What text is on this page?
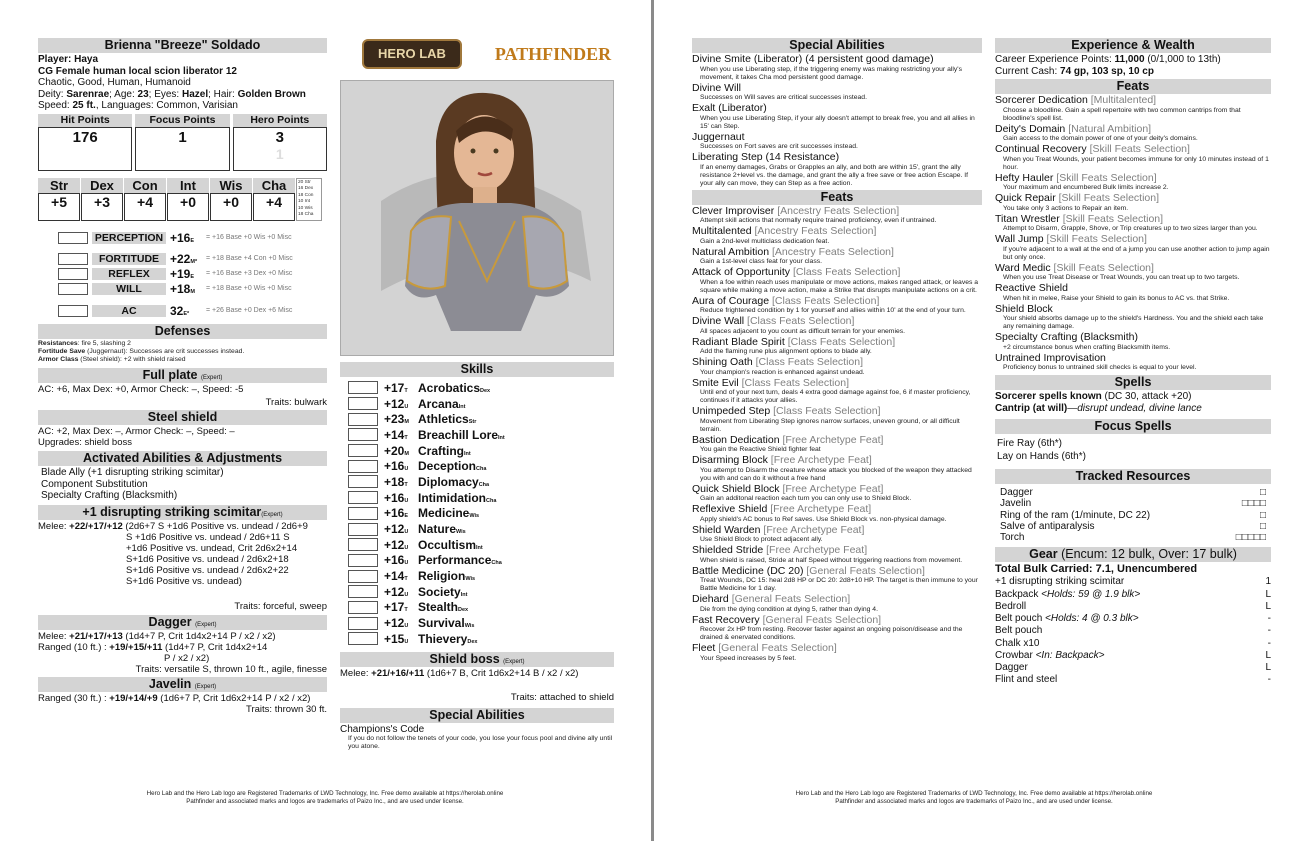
Brienna "Breeze" Soldado
Player: Haya
CG Female human local scion liberator 12
Chaotic, Good, Human, Humanoid
Deity: Sarenrae; Age: 23; Eyes: Hazel; Hair: Golden Brown
Speed: 25 ft., Languages: Common, Varisian
Hit Points
176
Focus Points
1
Hero Points
3
1
Str
+5
Dex
+3
Con
+4
Int
+0
Wis
+0
Cha
+4
20 Str
16 Dex
18 Con
10 Int
10 Wis
18 Cha
PERCEPTION +16E	= +16 Base +0 Wis +0 Misc
FORTITUDE +22M*	= +18 Base +4 Con +0 Misc
REFLEX	+19E	= +16 Base +3 Dex +0 Misc
WILL	+18M	= +18 Base +0 Wis +0 Misc
AC	32E*	= +26 Base +0 Dex +6 Misc
Defenses
Resistances: fire 5, slashing 2
Fortitude Save (Juggernaut): Successes are crit successes instead.
Armor Class (Steel shield): +2 with shield raised
Full plate (Expert)
AC: +6, Max Dex: +0, Armor Check: –, Speed: -5
Traits: bulwark
Steel shield
AC: +2, Max Dex: –, Armor Check: –, Speed: –
Upgrades: shield boss
Activated Abilities & Adjustments
Blade Ally (+1 disrupting striking scimitar)
Component Substitution
Specialty Crafting (Blacksmith)
+1 disrupting striking scimitar(Expert)
Melee: +22/+17/+12 (2d6+7 S +1d6 Positive vs. undead / 2d6+9
S +1d6 Positive vs. undead / 2d6+11 S
+1d6 Positive vs. undead, Crit 2d6x2+14
S+1d6 Positive vs. undead / 2d6x2+18
S+1d6 Positive vs. undead / 2d6x2+22
S+1d6 Positive vs. undead)
Traits: forceful, sweep
Dagger (Expert)
Melee: +21/+17/+13 (1d4+7 P, Crit 1d4x2+14 P / x2 / x2)
Ranged (10 ft.) : +19/+15/+11 (1d4+7 P, Crit 1d4x2+14
P / x2 / x2)
Traits: versatile S, thrown 10 ft., agile, finesse
Javelin (Expert)
Ranged (30 ft.) : +19/+14/+9 (1d6+7 P, Crit 1d6x2+14 P / x2 / x2)
Traits: thrown 30 ft.
HERO LAB	PATHFINDER
Skills
+17T AcrobaticsDex
+12U ArcanaInt
+23M AthleticsStr
+14T Breachill LoreInt
+20M CraftingInt
+16U DeceptionCha
+18T DiplomacyCha
+16U IntimidationCha
+16E MedicineWis
+12U NatureWis
+12U OccultismInt
+16U PerformanceCha
+14T ReligionWis
+12U SocietyInt
+17T StealthDex
+12U SurvivalWis
+15U ThieveryDex
Shield boss (Expert)
Melee: +21/+16/+11 (1d6+7 B, Crit 1d6x2+14 B / x2 / x2)
Traits: attached to shield
Special Abilities
Champions's Code
If you do not follow the tenets of your code, you lose your focus pool and divine ally until you atone.
Hero Lab and the Hero Lab logo are Registered Trademarks of LWD Technology, Inc. Free demo available at https://herolab.online
Pathfinder and associated marks and logos are trademarks of Paizo Inc., and are used under license.
Special Abilities
Divine Smite (Liberator) (4 persistent good damage)
When you use Liberating step, if the triggering enemy was making restricting your ally's movement, it takes Cha mod persistent good damage.
Divine Will
Successes on Will saves are critical successes instead.
Exalt (Liberator)
When you use Liberating Step, if your ally doesn't attempt to break free, you and all allies in 15' can Step.
Juggernaut
Successes on Fort saves are crit successes instead.
Liberating Step (14 Resistance)
If an enemy damages, Grabs or Grapples an ally, and both are within 15', grant the ally resistance 2+level vs. the damage, and grant the ally a free save or free action Escape. If your ally can move, they can Step as a free action.
Feats
Clever Improviser [Ancestry Feats Selection]
Attempt skill actions that normally require trained proficiency, even if untrained.
Multitalented [Ancestry Feats Selection]
Gain a 2nd-level multiclass dedication feat.
Natural Ambition [Ancestry Feats Selection]
Gain a 1st-level class feat for your class.
Attack of Opportunity [Class Feats Selection]
When a foe within reach uses manipulate or move actions, makes ranged attack, or leaves a square while making a move action, make a Strike that disrupts manipulate actions on a crit.
Aura of Courage [Class Feats Selection]
Reduce frightened condition by 1 for yourself and allies within 10' at the end of your turn.
Divine Wall [Class Feats Selection]
All spaces adjacent to you count as difficult terrain for your enemies.
Radiant Blade Spirit [Class Feats Selection]
Add the flaming rune plus alignment options to blade ally.
Shining Oath [Class Feats Selection]
Your champion's reaction is enhanced against undead.
Smite Evil [Class Feats Selection]
Until end of your next turn, deals 4 extra good damage against foe, 6 if master proficiency, continues if it attacks your allies.
Unimpeded Step [Class Feats Selection]
Movement from Liberating Step ignores narrow surfaces, uneven ground, or all difficult terrain.
Bastion Dedication [Free Archetype Feat]
You gain the Reactive Shield fighter feat
Disarming Block [Free Archetype Feat]
You attempt to Disarm the creature whose attack you blocked of the weapon they attacked you with and can do it without a free hand
Quick Shield Block [Free Archetype Feat]
Gain an additonal reaction each turn you can only use to Shield Block.
Reflexive Shield [Free Archetype Feat]
Apply shield's AC bonus to Ref saves. Use Shield Block vs. non-physical damage.
Shield Warden [Free Archetype Feat]
Use Shield Block to protect adjacent ally.
Shielded Stride [Free Archetype Feat]
When shield is raised, Stride at half Speed without triggering reactions from movement.
Battle Medicine (DC 20) [General Feats Selection]
Treat Wounds, DC 15: heal 2d8 HP or DC 20: 2d8+10 HP. The target is then immune to your Battle Medicine for 1 day.
Diehard [General Feats Selection]
Die from the dying condition at dying 5, rather than dying 4.
Fast Recovery [General Feats Selection]
Recover 2x HP from resting. Recover faster against an ongoing poison/disease and the drained & enervated conditions.
Fleet [General Feats Selection]
Your Speed increases by 5 feet.
Experience & Wealth
Career Experience Points: 11,000 (0/1,000 to 13th)
Current Cash: 74 gp, 103 sp, 10 cp
Feats
Sorcerer Dedication [Multitalented]
Choose a bloodline. Gain a spell repertoire with two common cantrips from that bloodline's spell list.
Deity's Domain [Natural Ambition]
Gain access to the domain power of one of your deity's domains.
Continual Recovery [Skill Feats Selection]
When you Treat Wounds, your patient becomes immune for only 10 minutes instead of 1 hour.
Hefty Hauler [Skill Feats Selection]
Your maximum and encumbered Bulk limits increase 2.
Quick Repair [Skill Feats Selection]
You take only 3 actions to Repair an item.
Titan Wrestler [Skill Feats Selection]
Attempt to Disarm, Grapple, Shove, or Trip creatures up to two sizes larger than you.
Wall Jump [Skill Feats Selection]
If you're adjacent to a wall at the end of a jump you can use another action to jump again but only once.
Ward Medic [Skill Feats Selection]
When you use Treat Disease or Treat Wounds, you can treat up to two targets.
Reactive Shield
When hit in melee, Raise your Shield to gain its bonus to AC vs. that Strike.
Shield Block
Your shield absorbs damage up to the shield's Hardness. You and the shield each take any remaining damage.
Specialty Crafting (Blacksmith)
+2 circumstance bonus when crafting Blacksmith items.
Untrained Improvisation
Proficiency bonus to untrained skill checks is equal to your level.
Spells
Sorcerer spells known (DC 30, attack +20)
Cantrip (at will)—disrupt undead, divine lance
Focus Spells
Fire Ray (6th*)
Lay on Hands (6th*)
Tracked Resources
Dagger	□
Javelin	□□□□
Ring of the ram (1/minute, DC 22)	□
Salve of antiparalysis	□
Torch	□□□□□
Gear (Encum: 12 bulk, Over: 17 bulk)
Total Bulk Carried: 7.1, Unencumbered
+1 disrupting striking scimitar	1
Backpack <Holds: 59 @ 1.9 blk>	L
Bedroll	L
Belt pouch <Holds: 4 @ 0.3 blk>	-
Belt pouch	-
Chalk x10	-
Crowbar <In: Backpack>	L
Dagger	L
Flint and steel	-
Hero Lab and the Hero Lab logo are Registered Trademarks of LWD Technology, Inc. Free demo available at https://herolab.online
Pathfinder and associated marks and logos are trademarks of Paizo Inc., and are used under license.
